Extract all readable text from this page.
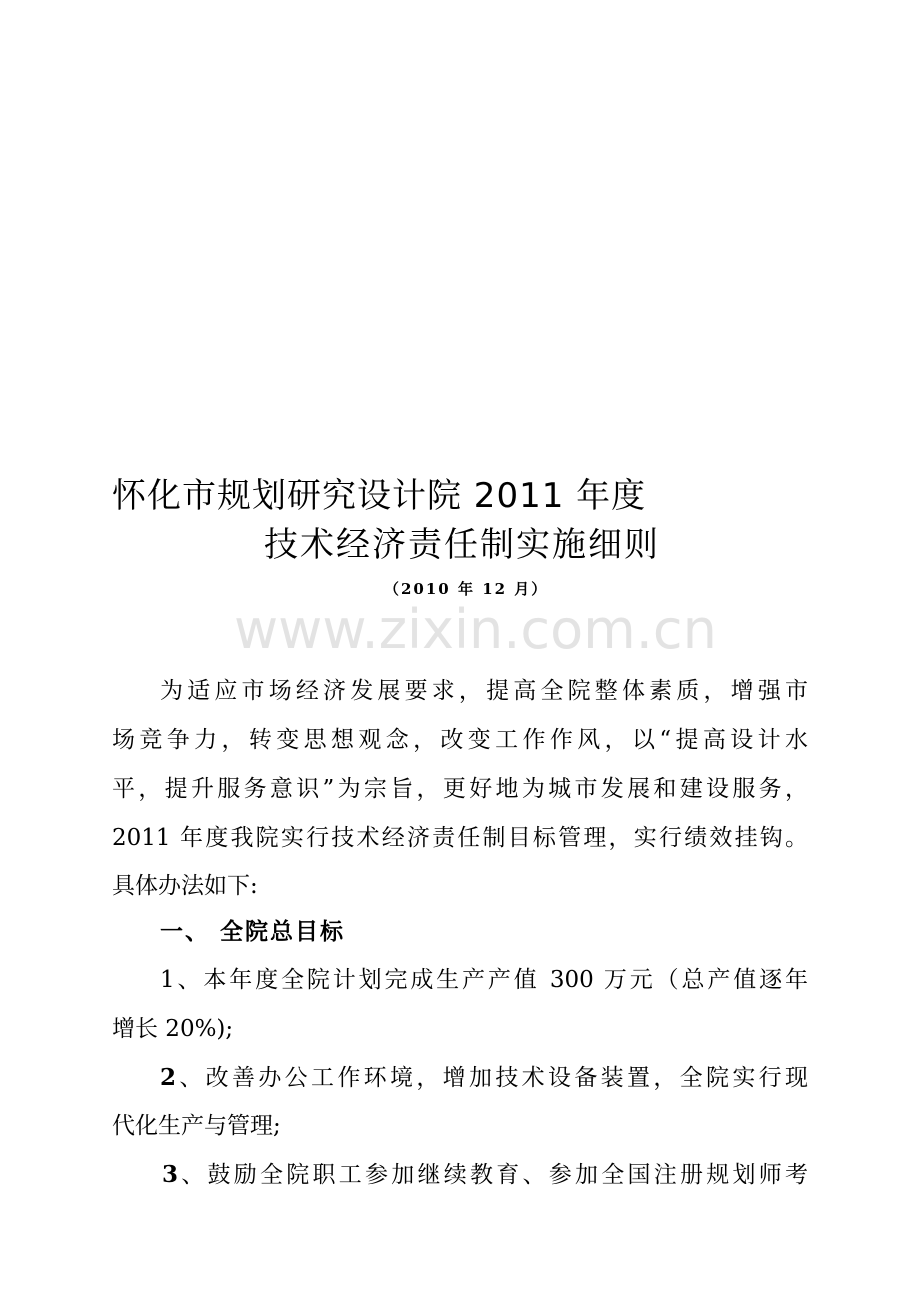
怀化市规划研究设计院 2011 年度
技术经济责任制实施细则
（2010 年 12 月）
www.zixin.com.cn
为适应市场经济发展要求，提高全院整体素质，增强市
场竞争力，转变思想观念，改变工作作风，以“提高设计水
平，提升服务意识”为宗旨，更好地为城市发展和建设服务，
2011 年度我院实行技术经济责任制目标管理，实行绩效挂钩。
具体办法如下:
一、 全院总目标
1、本年度全院计划完成生产产值 300 万元（总产值逐年
增长 20%);
2、改善办公工作环境，增加技术设备装置，全院实行现
代化生产与管理;
3、鼓励全院职工参加继续教育、参加全国注册规划师考
